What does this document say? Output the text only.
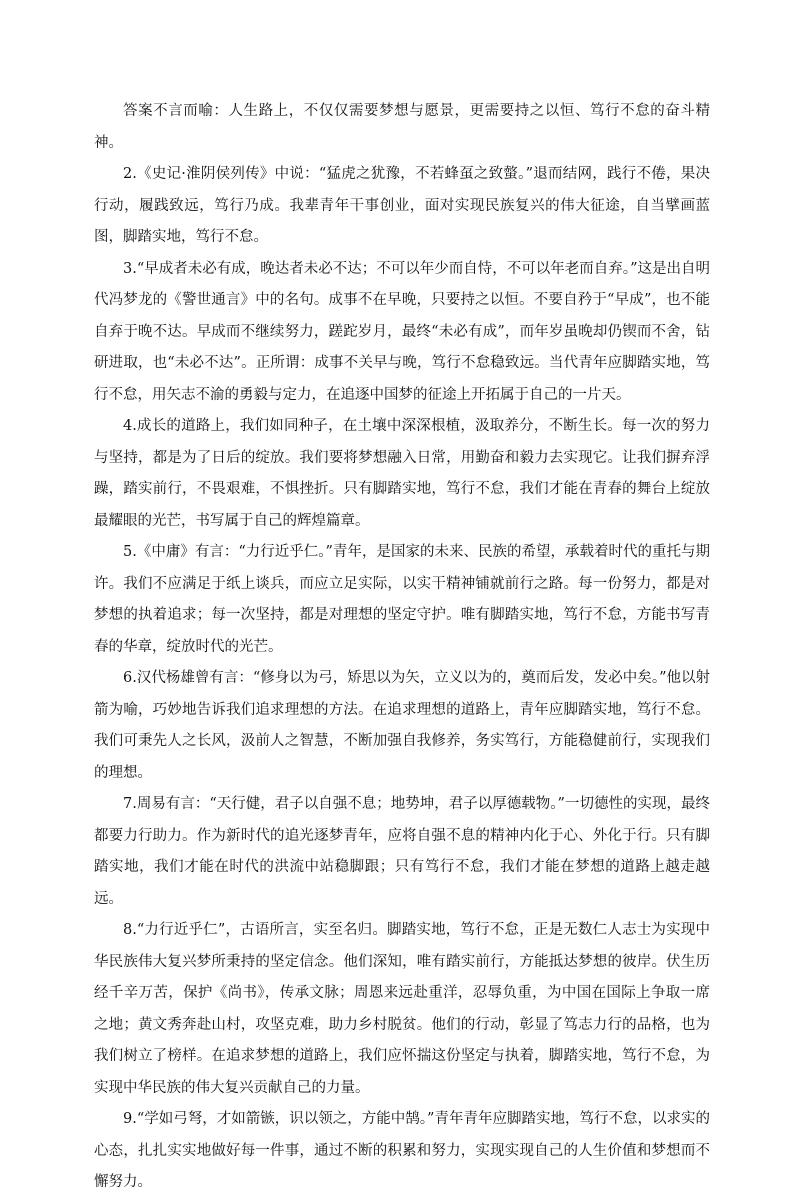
答案不言而喻：人生路上，不仅仅需要梦想与愿景，更需要持之以恒、笃行不怠的奋斗精神。

2.《史记·淮阴侯列传》中说：“猛虎之犹豫，不若蜂虿之致螫。”退而结网，践行不倦，果决行动，履践致远，笃行乃成。我辈青年干事创业，面对实现民族复兴的伟大征途，自当擘画蓝图，脚踏实地，笃行不怠。

3.“早成者未必有成，晚达者未必不达；不可以年少而自恃，不可以年老而自弃。”这是出自明代冯梦龙的《警世通言》中的名句。成事不在早晚，只要持之以恒。不要自矜于“早成”，也不能自弃于晚不达。早成而不继续努力，蹉跎岁月，最终“未必有成”，而年岁虽晚却仍锲而不舍，钻研进取，也“未必不达”。正所谓：成事不关早与晚，笃行不怠稳致远。当代青年应脚踏实地，笃行不怠，用矢志不渝的勇毅与定力，在追逐中国梦的征途上开拓属于自己的一片天。

4.成长的道路上，我们如同种子，在土壤中深深根植，汲取养分，不断生长。每一次的努力与坚持，都是为了日后的绽放。我们要将梦想融入日常，用勤奋和毅力去实现它。让我们摒弃浮躁，踏实前行，不畏艰难，不惧挫折。只有脚踏实地，笃行不怠，我们才能在青春的舞台上绽放最耀眼的光芒，书写属于自己的辉煌篇章。

5.《中庸》有言：“力行近乎仁。”青年，是国家的未来、民族的希望，承载着时代的重托与期许。我们不应满足于纸上谈兵，而应立足实际，以实干精神铺就前行之路。每一份努力，都是对梦想的执着追求；每一次坚持，都是对理想的坚定守护。唯有脚踏实地，笃行不怠，方能书写青春的华章，绽放时代的光芒。

6.汉代杨雄曾有言：“修身以为弓，矫思以为矢，立义以为的，奠而后发，发必中矣。”他以射箭为喻，巧妙地告诉我们追求理想的方法。在追求理想的道路上，青年应脚踏实地，笃行不怠。我们可秉先人之长风，汲前人之智慧，不断加强自我修养，务实笃行，方能稳健前行，实现我们的理想。

7.周易有言：“天行健，君子以自强不息；地势坤，君子以厚德载物。”一切德性的实现，最终都要力行助力。作为新时代的追光逐梦青年，应将自强不息的精神内化于心、外化于行。只有脚踏实地，我们才能在时代的洪流中站稳脚跟；只有笃行不怠，我们才能在梦想的道路上越走越远。

8.“力行近乎仁”，古语所言，实至名归。脚踏实地，笃行不怠，正是无数仁人志士为实现中华民族伟大复兴梦所秉持的坚定信念。他们深知，唯有踏实前行，方能抵达梦想的彼岸。伏生历经千辛万苦，保护《尚书》，传承文脉；周恩来远赴重洋，忍辱负重，为中国在国际上争取一席之地；黄文秀奔赴山村，攻坚克难，助力乡村脱贫。他们的行动，彰显了笃志力行的品格，也为我们树立了榜样。在追求梦想的道路上，我们应怀揣这份坚定与执着，脚踏实地，笃行不怠，为实现中华民族的伟大复兴贡献自己的力量。

9.“学如弓弩，才如箭镞，识以领之，方能中鹄。”青年青年应脚踏实地，笃行不怠，以求实的心态，扎扎实实地做好每一件事，通过不断的积累和努力，实现实现自己的人生价值和梦想而不懈努力。
